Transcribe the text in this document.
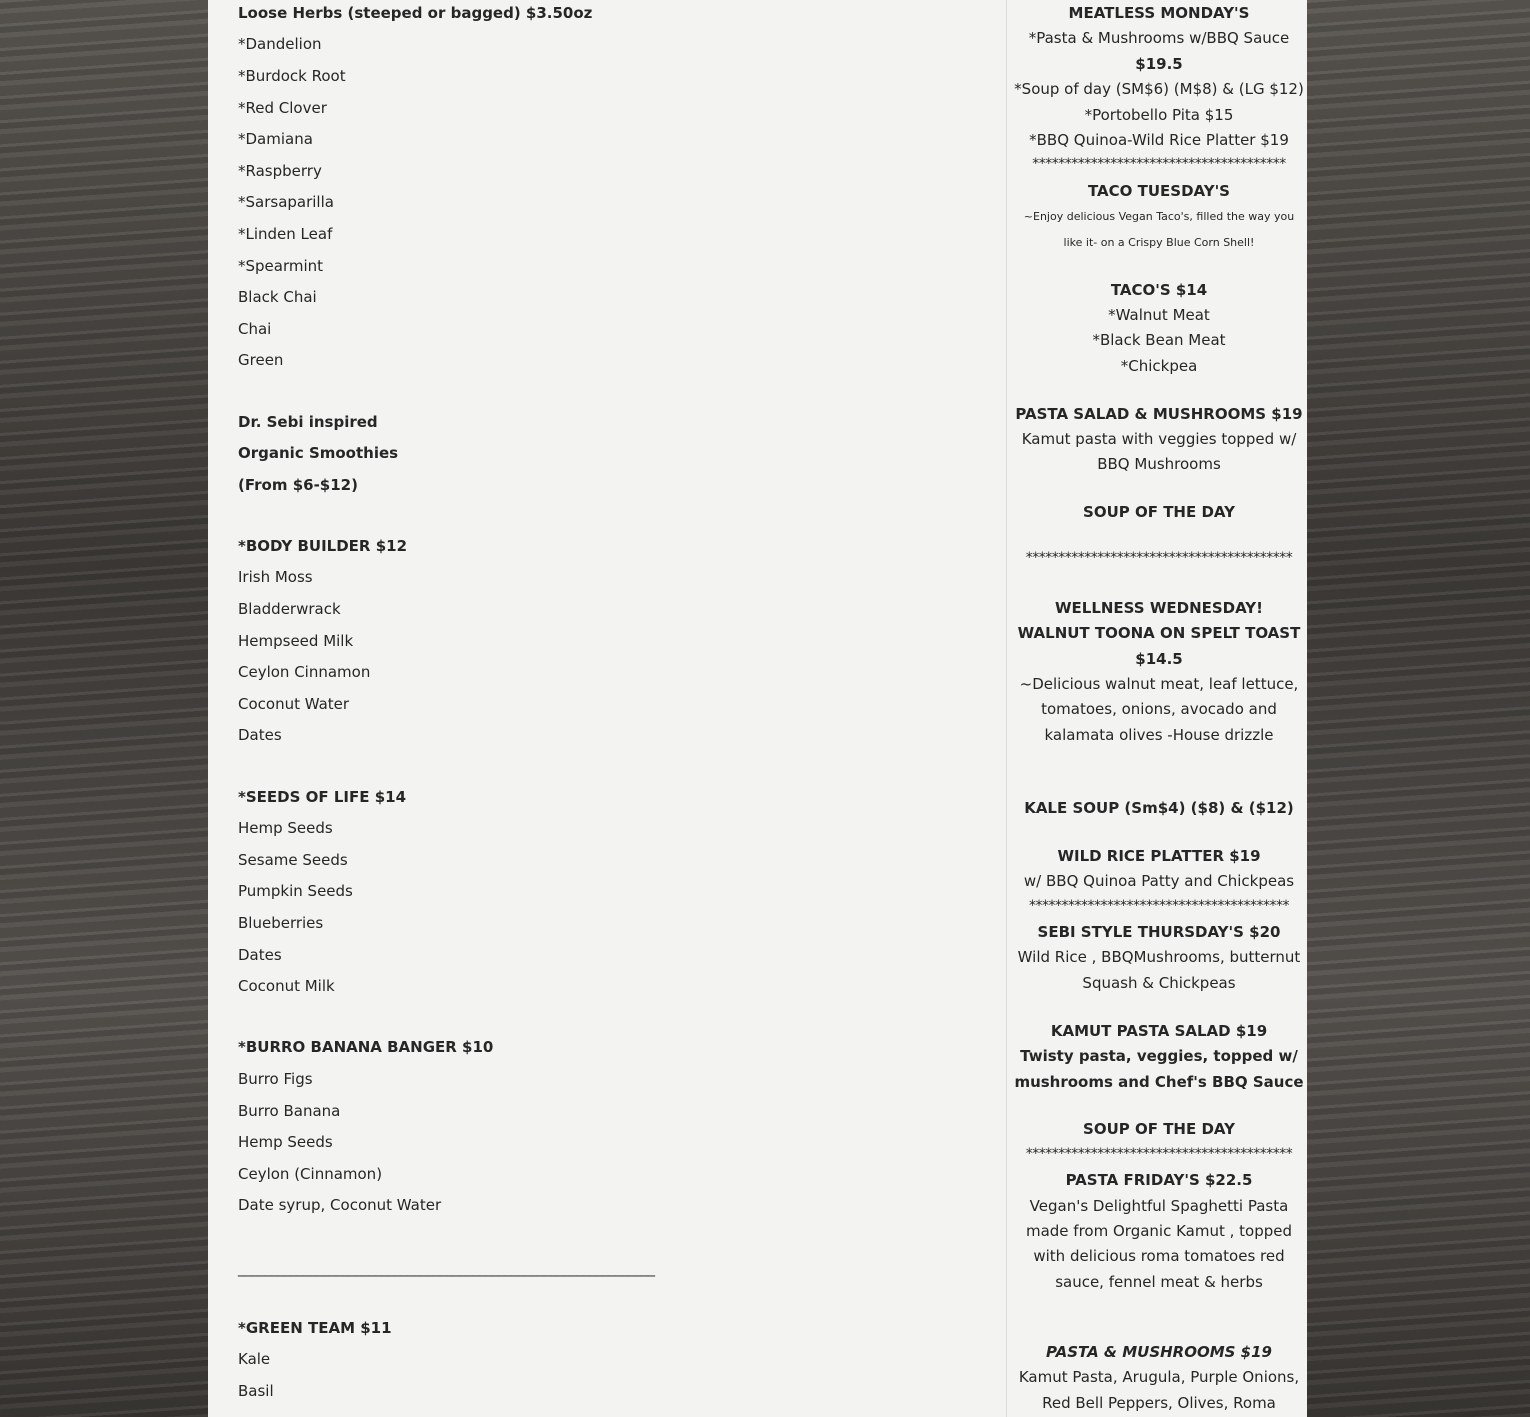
Loose Herbs (steeped or bagged) $3.50oz
*Dandelion
*Burdock Root
*Red Clover
*Damiana
*Raspberry
*Sarsaparilla
*Linden Leaf
*Spearmint
Black Chai
Chai
Green
Dr. Sebi inspired
Organic Smoothies
(From $6-$12)
*BODY BUILDER $12
Irish Moss
Bladderwrack
Hempseed Milk
Ceylon Cinnamon
Coconut Water
Dates
*SEEDS OF LIFE $14
Hemp Seeds
Sesame Seeds
Pumpkin Seeds
Blueberries
Dates
Coconut Milk
*BURRO BANANA BANGER $10
Burro Figs
Burro Banana
Hemp Seeds
Ceylon (Cinnamon)
Date syrup, Coconut Water
________________________________________________________________
*GREEN TEAM $11
Kale
Basil
MEATLESS MONDAY'S
*Pasta & Mushrooms w/BBQ Sauce
$19.5
*Soup of day (SM$6) (M$8) & (LG $12)
*Portobello Pita $15
*BBQ Quinoa-Wild Rice Platter $19
***************************************
TACO TUESDAY'S
~Enjoy delicious Vegan Taco's, filled the way you
like it- on a Crispy Blue Corn Shell!
TACO'S $14
*Walnut Meat
*Black Bean Meat
*Chickpea
PASTA SALAD & MUSHROOMS $19
Kamut pasta with veggies topped w/
BBQ Mushrooms
SOUP OF THE DAY
*****************************************
WELLNESS WEDNESDAY!
WALNUT TOONA ON SPELT TOAST
$14.5
~Delicious walnut meat, leaf lettuce,
tomatoes, onions, avocado and
kalamata olives -House drizzle
KALE SOUP (Sm$4) ($8) & ($12)
WILD RICE PLATTER $19
w/ BBQ Quinoa Patty and Chickpeas
****************************************
SEBI STYLE THURSDAY'S $20
Wild Rice , BBQMushrooms, butternut
Squash & Chickpeas
KAMUT PASTA SALAD $19
Twisty pasta, veggies, topped w/
mushrooms and Chef's BBQ Sauce
SOUP OF THE DAY
*****************************************
PASTA FRIDAY'S $22.5
Vegan's Delightful Spaghetti Pasta
made from Organic Kamut , topped
with delicious roma tomatoes red
sauce, fennel meat & herbs
PASTA & MUSHROOMS $19
Kamut Pasta, Arugula, Purple Onions,
Red Bell Peppers, Olives, Roma
